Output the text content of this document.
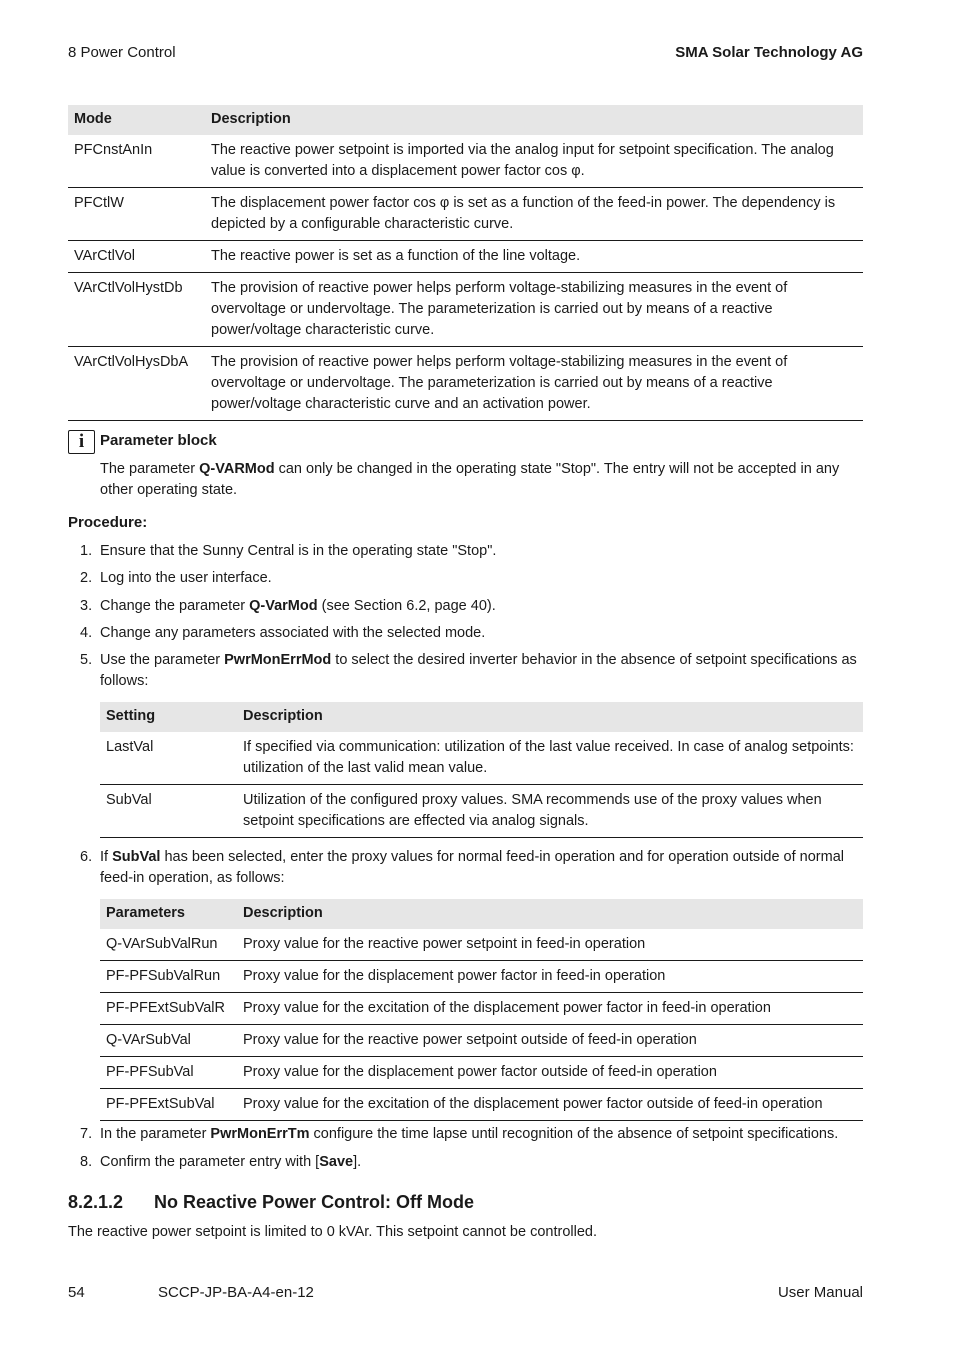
8 Power Control	SMA Solar Technology AG
Mode	Description
PFCnstAnIn	The reactive power setpoint is imported via the analog input for setpoint specification. The analog value is converted into a displacement power factor cos φ.
PFCtlW	The displacement power factor cos φ is set as a function of the feed-in power. The dependency is depicted by a configurable characteristic curve.
VArCtlVol	The reactive power is set as a function of the line voltage.
VArCtlVolHystDb	The provision of reactive power helps perform voltage-stabilizing measures in the event of overvoltage or undervoltage. The parameterization is carried out by means of a reactive power/voltage characteristic curve.
VArCtlVolHysDbA	The provision of reactive power helps perform voltage-stabilizing measures in the event of overvoltage or undervoltage. The parameterization is carried out by means of a reactive power/voltage characteristic curve and an activation power.
i	Parameter block
The parameter Q-VARMod can only be changed in the operating state "Stop". The entry will not be accepted in any other operating state.
Procedure:
1. Ensure that the Sunny Central is in the operating state "Stop".
2. Log into the user interface.
3. Change the parameter Q-VarMod (see Section 6.2, page 40).
4. Change any parameters associated with the selected mode.
5. Use the parameter PwrMonErrMod to select the desired inverter behavior in the absence of setpoint specifications as follows:
6. If SubVal has been selected, enter the proxy values for normal feed-in operation and for operation outside of normal feed-in operation, as follows:
7. In the parameter PwrMonErrTm configure the time lapse until recognition of the absence of setpoint specifications.
8. Confirm the parameter entry with [Save].
Setting	Description
LastVal	If specified via communication: utilization of the last value received. In case of analog setpoints: utilization of the last valid mean value.
SubVal	Utilization of the configured proxy values. SMA recommends use of the proxy values when setpoint specifications are effected via analog signals.
Parameters	Description
Q-VArSubValRun	Proxy value for the reactive power setpoint in feed-in operation
PF-PFSubValRun	Proxy value for the displacement power factor in feed-in operation
PF-PFExtSubValR	Proxy value for the excitation of the displacement power factor in feed-in operation
Q-VArSubVal	Proxy value for the reactive power setpoint outside of feed-in operation
PF-PFSubVal	Proxy value for the displacement power factor outside of feed-in operation
PF-PFExtSubVal	Proxy value for the excitation of the displacement power factor outside of feed-in operation
8.2.1.2 No Reactive Power Control: Off Mode
The reactive power setpoint is limited to 0 kVAr. This setpoint cannot be controlled.
54	SCCP-JP-BA-A4-en-12	User Manual
